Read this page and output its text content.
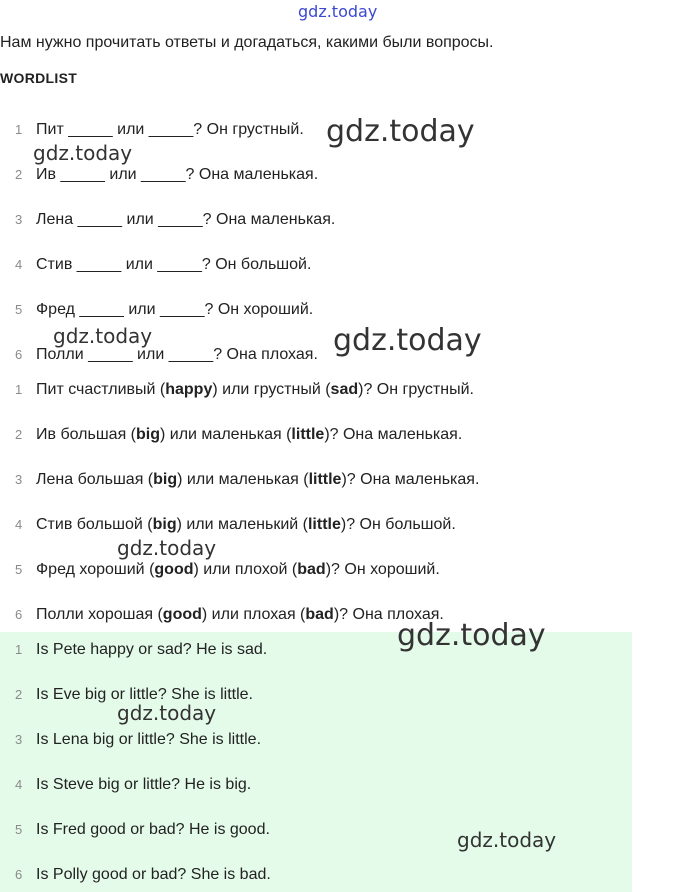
gdz.today
Нам нужно прочитать ответы и догадаться, какими были вопросы.
WORDLIST
1 Пит _____ или _____? Он грустный.
2 Ив _____ или _____? Она маленькая.
3 Лена _____ или _____? Она маленькая.
4 Стив _____ или _____? Он большой.
5 Фред _____ или _____? Он хороший.
6 Полли _____ или _____? Она плохая.
1 Пит счастливый (happy) или грустный (sad)? Он грустный.
2 Ив большая (big) или маленькая (little)? Она маленькая.
3 Лена большая (big) или маленькая (little)? Она маленькая.
4 Стив большой (big) или маленький (little)? Он большой.
5 Фред хороший (good) или плохой (bad)? Он хороший.
6 Полли хорошая (good) или плохая (bad)? Она плохая.
1 Is Pete happy or sad? He is sad.
2 Is Eve big or little? She is little.
3 Is Lena big or little? She is little.
4 Is Steve big or little? He is big.
5 Is Fred good or bad? He is good.
6 Is Polly good or bad? She is bad.
gdz.today
gdz.today
gdz.today	gdz.today
gdz.today
gdz.today
gdz.today
gdz.today
